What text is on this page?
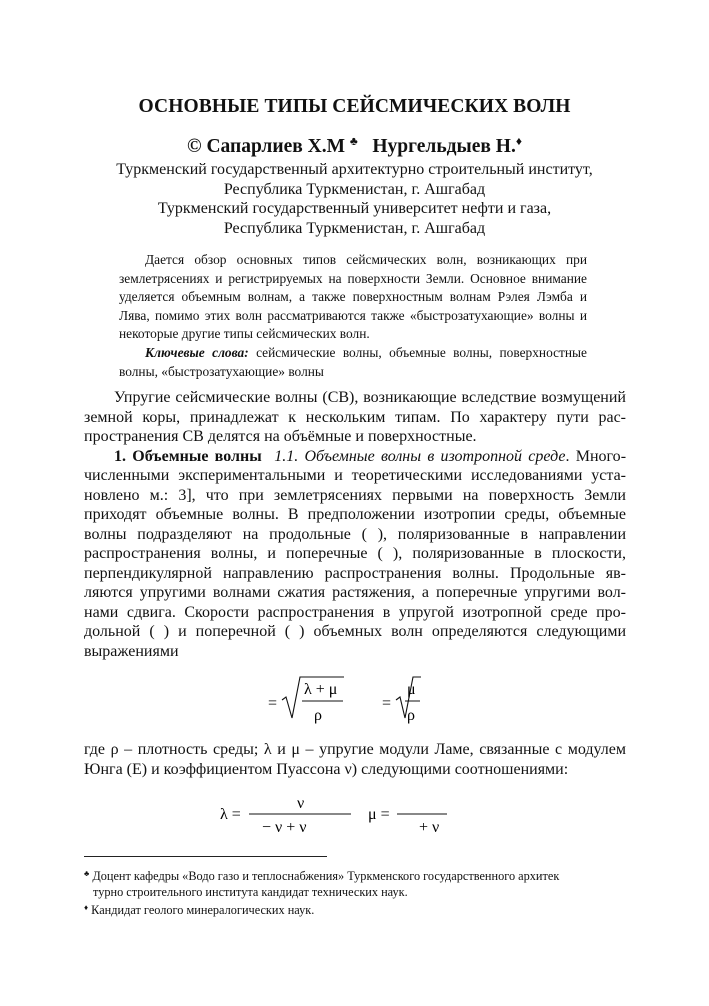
ОСНОВНЫЕ ТИПЫ СЕЙСМИЧЕСКИХ ВОЛН
© Сапарлиев Х.М ♣ Нургельдыев Н.♦
Туркменский государственный архитектурно строительный институт,
Республика Туркменистан, г. Ашгабад
Туркменский государственный университет нефти и газа,
Республика Туркменистан, г. Ашгабад

Дается обзор основных типов сейсмических волн, возникающих при землетрясениях и регистрируемых на поверхности Земли. Основное внимание уделяется объемным волнам, а также поверхностным волнам Рэлея Лэмба и Лява, помимо этих волн рассматриваются также «быстрозатухающие» волны и некоторые другие типы сейсмических волн.

Ключевые слова: сейсмические волны, объемные волны, поверхностные волны, «быстрозатухающие» волны

Упругие сейсмические волны (СВ), возникающие вследствие возмущений земной коры, принадлежат к нескольким типам. По характеру пути распространения СВ делятся на объёмные и поверхностные.

1. Объемные волны 1.1. Объемные волны в изотропной среде. Многочисленными экспериментальными и теоретическими исследованиями установлено м.: 3], что при землетрясениях первыми на поверхность Земли приходят объемные волны. В предположении изотропии среды, объемные волны подразделяют на продольные ( ), поляризованные в направлении распространения волны, и поперечные ( ), поляризованные в плоскости, перпендикулярной направлению распространения волны. Продольные являются упругими волнами сжатия растяжения, а поперечные упругими волнами сдвига. Скорости распространения в упругой изотропной среде продольной ( ) и поперечной ( ) объемных волн определяются следующими выражениями

=
λ + μ
ρ
=
μ
ρ
λ =
ν
− ν + ν
μ =
+ ν

где ρ – плотность среды; λ и μ – упругие модули Ламе, связанные с модулем Юнга (E) и коэффициентом Пуассона ν) следующими соотношениями:

♣ Доцент кафедры «Водо газо и теплоснабжения» Туркменского государственного архитек

турно строительного института кандидат технических наук.

♦ Кандидат геолого минералогических наук.
